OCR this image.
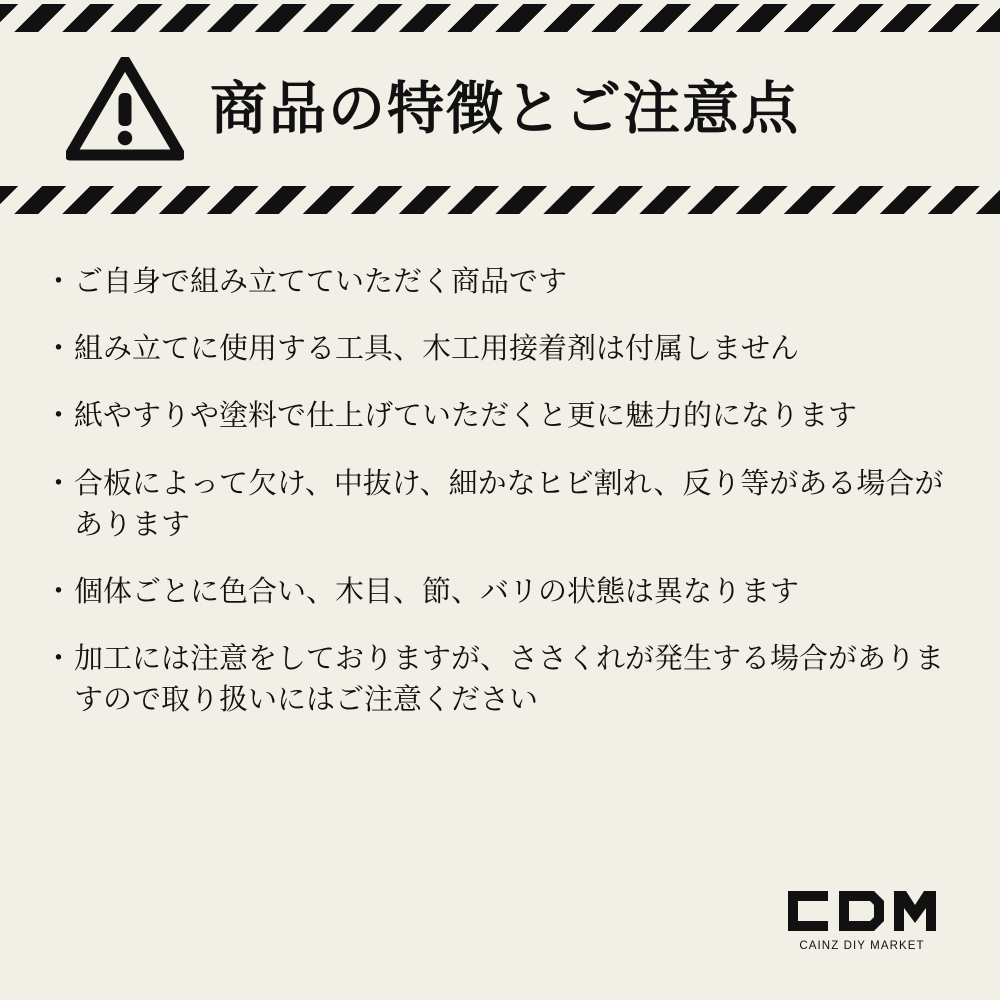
商品の特徴とご注意点
・ ご自身で組み立てていただく商品です
・ 組み立てに使用する工具、木工用接着剤は付属しません
・ 紙やすりや塗料で仕上げていただくと更に魅力的になります
・ 合板によって欠け、中抜け、細かなヒビ割れ、反り等がある場合があります
・ 個体ごとに色合い、木目、節、バリの状態は異なります
・ 加工には注意をしておりますが、ささくれが発生する場合がありますので取り扱いにはご注意ください
CAINZ DIY MARKET
